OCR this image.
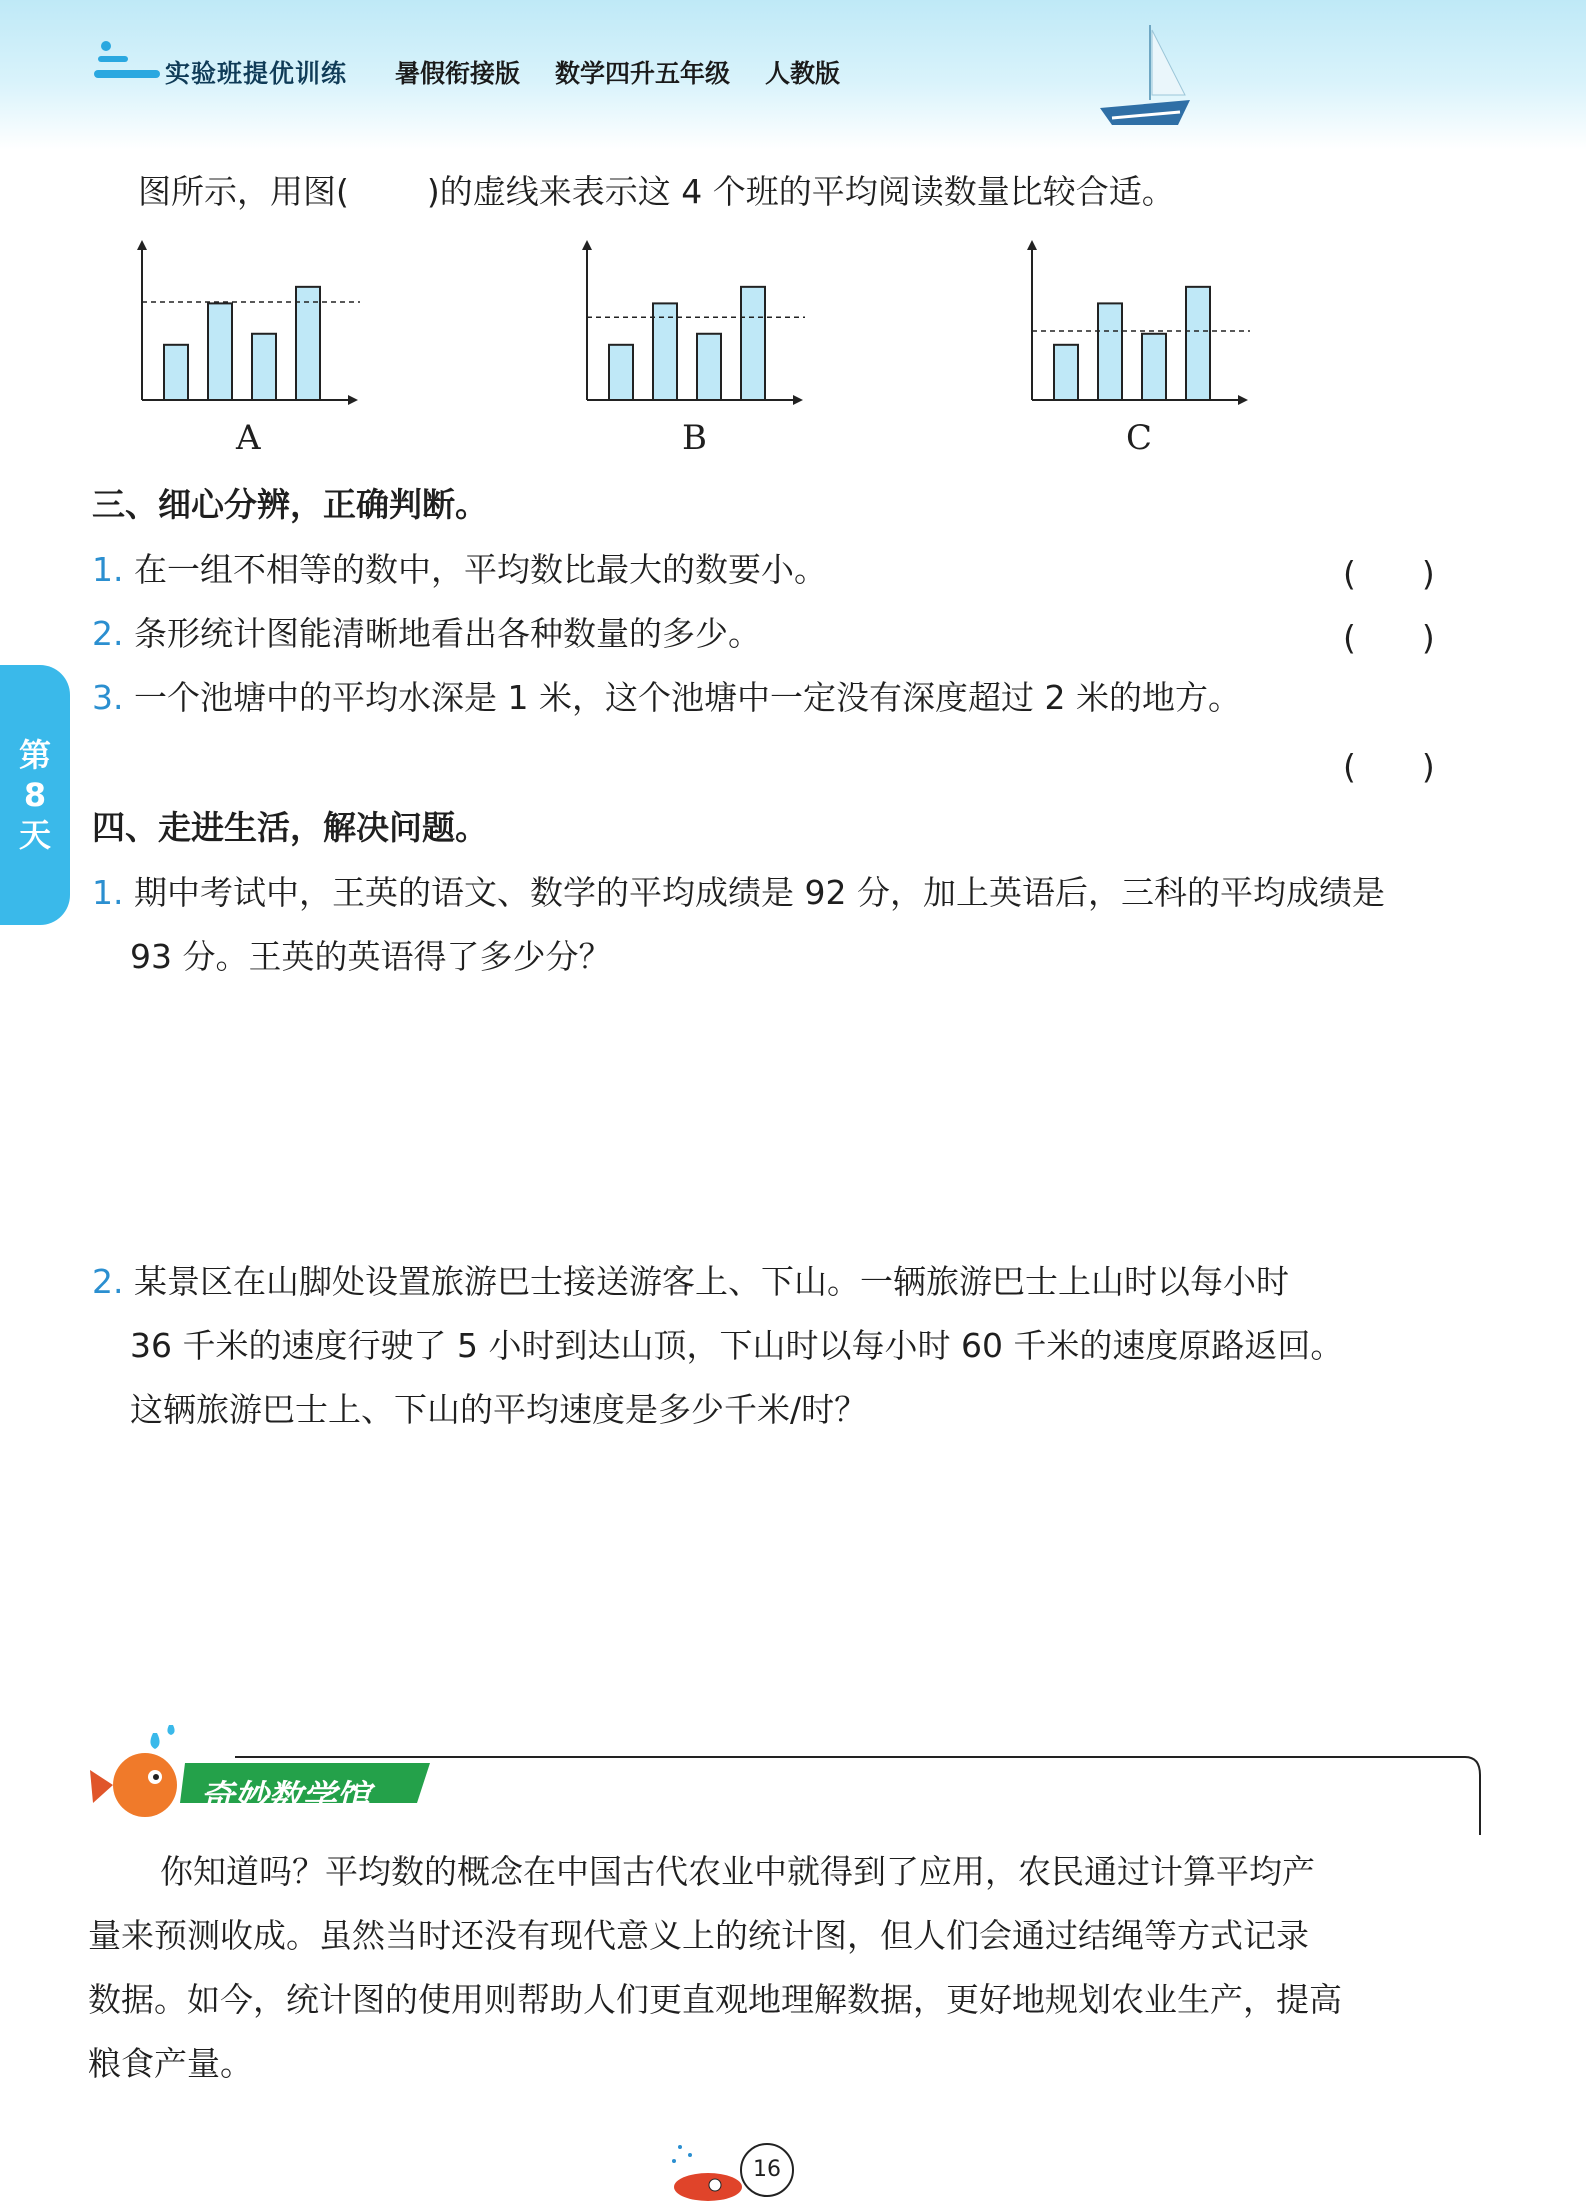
实验班提优训练 暑假衔接版 数学四升五年级 人教版
第
8
天
图所示，用图( )的虚线来表示这 4 个班的平均阅读数量比较合适。
A	B	C
三、细心分辨，正确判断。
1. 在一组不相等的数中，平均数比最大的数要小。	(　　)
2. 条形统计图能清晰地看出各种数量的多少。	(　　)
3. 一个池塘中的平均水深是 1 米，这个池塘中一定没有深度超过 2 米的地方。
(　　)
四、走进生活，解决问题。
1. 期中考试中，王英的语文、数学的平均成绩是 92 分，加上英语后，三科的平均成绩是
93 分。王英的英语得了多少分？
2. 某景区在山脚处设置旅游巴士接送游客上、下山。一辆旅游巴士上山时以每小时
36 千米的速度行驶了 5 小时到达山顶，下山时以每小时 60 千米的速度原路返回。
这辆旅游巴士上、下山的平均速度是多少千米/时？
奇妙数学馆
你知道吗？平均数的概念在中国古代农业中就得到了应用，农民通过计算平均产
量来预测收成。虽然当时还没有现代意义上的统计图，但人们会通过结绳等方式记录
数据。如今，统计图的使用则帮助人们更直观地理解数据，更好地规划农业生产，提高
粮食产量。
16
